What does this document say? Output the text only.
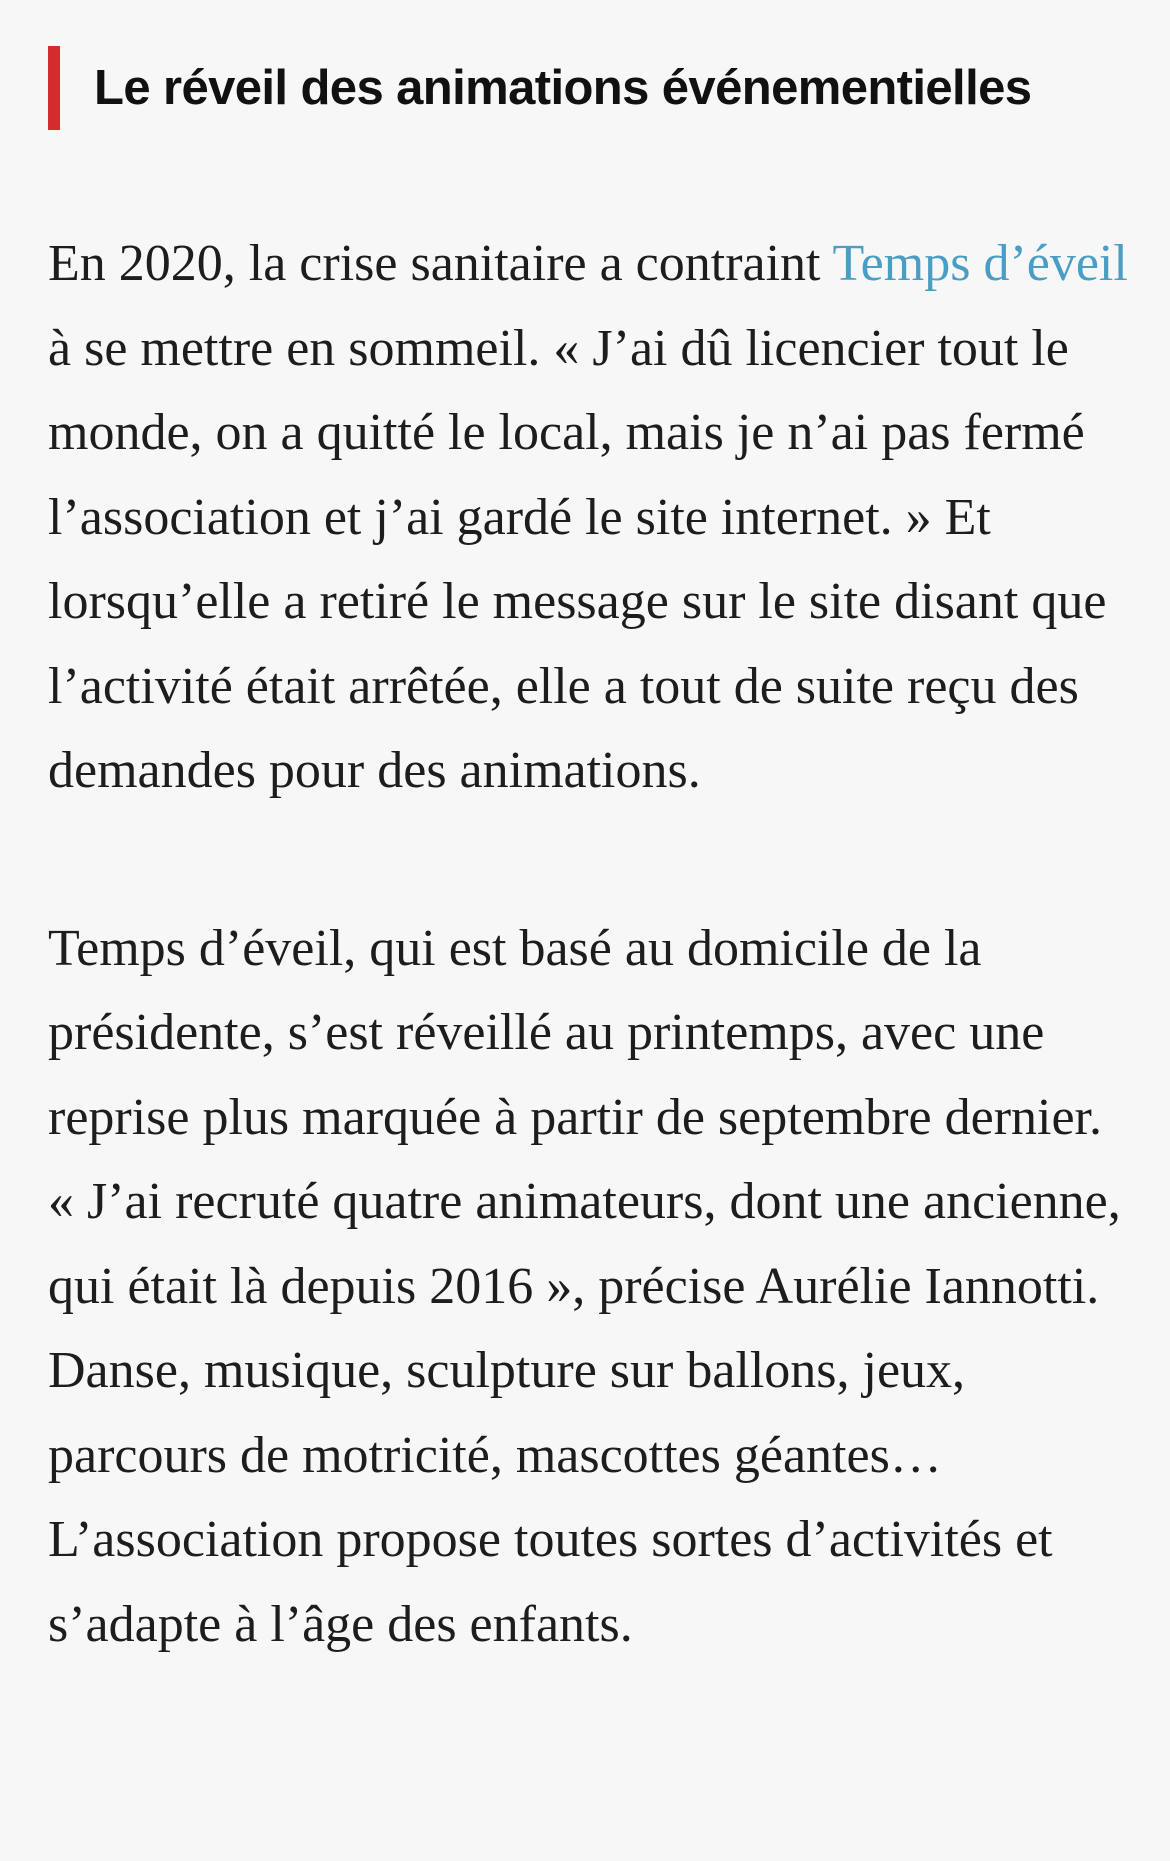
Le réveil des animations événementielles

En 2020, la crise sanitaire a contraint Temps d’éveil à se mettre en sommeil. « J’ai dû licencier tout le monde, on a quitté le local, mais je n’ai pas fermé l’association et j’ai gardé le site internet. » Et lorsqu’elle a retiré le message sur le site disant que l’activité était arrêtée, elle a tout de suite reçu des demandes pour des animations.

Temps d’éveil, qui est basé au domicile de la présidente, s’est réveillé au printemps, avec une reprise plus marquée à partir de septembre dernier. « J’ai recruté quatre animateurs, dont une ancienne, qui était là depuis 2016 », précise Aurélie Iannotti. Danse, musique, sculpture sur ballons, jeux, parcours de motricité, mascottes géantes… L’association propose toutes sortes d’activités et s’adapte à l’âge des enfants.
